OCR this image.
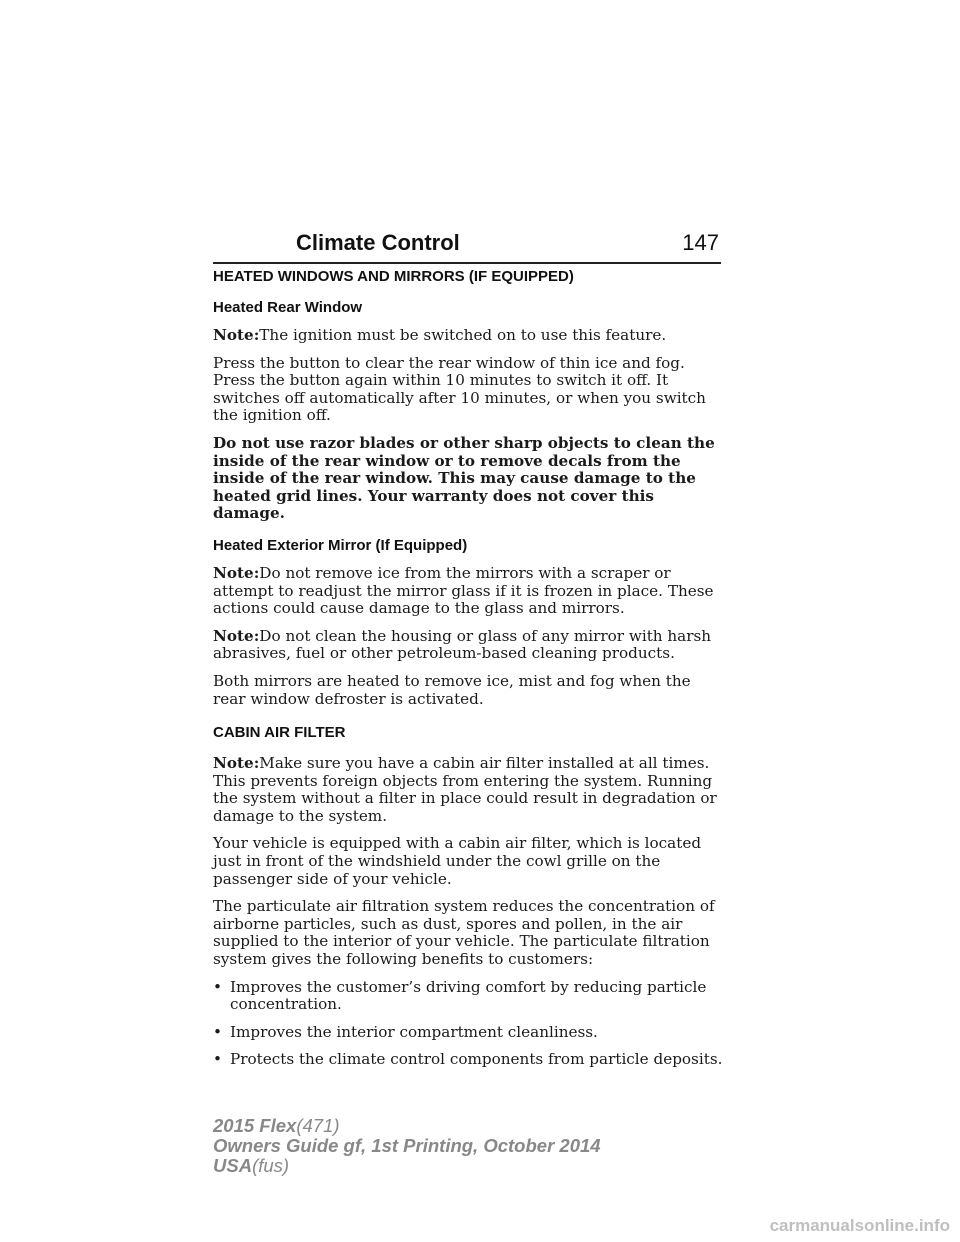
Climate Control	147
HEATED WINDOWS AND MIRRORS (IF EQUIPPED)
Heated Rear Window

Note:The ignition must be switched on to use this feature.

Press the button to clear the rear window of thin ice and fog. Press the button again within 10 minutes to switch it off. It switches off automatically after 10 minutes, or when you switch the ignition off.

Do not use razor blades or other sharp objects to clean the inside of the rear window or to remove decals from the inside of the rear window. This may cause damage to the heated grid lines. Your warranty does not cover this damage.

Heated Exterior Mirror (If Equipped)

Note:Do not remove ice from the mirrors with a scraper or attempt to readjust the mirror glass if it is frozen in place. These actions could cause damage to the glass and mirrors.

Note:Do not clean the housing or glass of any mirror with harsh abrasives, fuel or other petroleum-based cleaning products.

Both mirrors are heated to remove ice, mist and fog when the rear window defroster is activated.

CABIN AIR FILTER

Note:Make sure you have a cabin air filter installed at all times. This prevents foreign objects from entering the system. Running the system without a filter in place could result in degradation or damage to the system.

Your vehicle is equipped with a cabin air filter, which is located just in front of the windshield under the cowl grille on the passenger side of your vehicle.

The particulate air filtration system reduces the concentration of airborne particles, such as dust, spores and pollen, in the air supplied to the interior of your vehicle. The particulate filtration system gives the following benefits to customers:

• Improves the customer’s driving comfort by reducing particle concentration.
• Improves the interior compartment cleanliness.
• Protects the climate control components from particle deposits.
2015 Flex(471)
Owners Guide gf, 1st Printing, October 2014
USA(fus)
carmanualsonline.info
